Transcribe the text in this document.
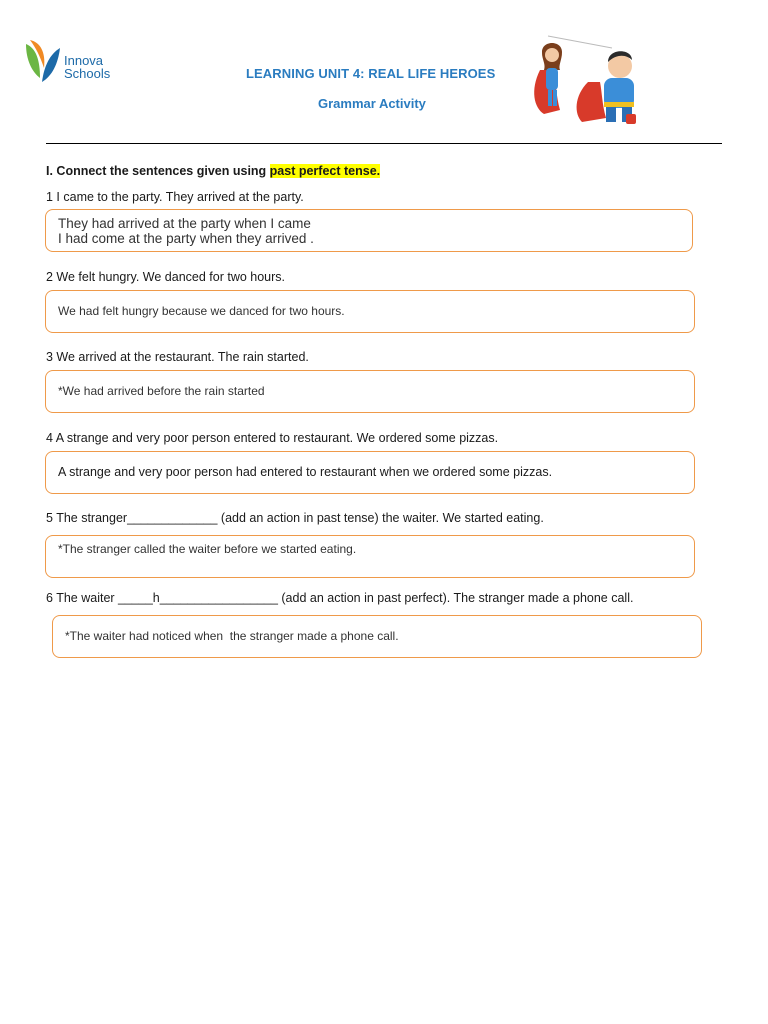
Innova
Schools	LEARNING UNIT 4: REAL LIFE HEROES
Grammar Activity
I. Connect the sentences given using past perfect tense.
1 I came to the party. They arrived at the party.
They had arrived at the party when I came
I had come at the party when they arrived .
2 We felt hungry. We danced for two hours.
We had felt hungry because we danced for two hours.
3 We arrived at the restaurant. The rain started.
*We had arrived before the rain started
4 A strange and very poor person entered to restaurant. We ordered some pizzas.
A strange and very poor person had entered to restaurant when we ordered some pizzas.
5 The stranger_____________ (add an action in past tense) the waiter. We started eating.
*The stranger called the waiter before we started eating.
6 The waiter _____h_________________ (add an action in past perfect). The stranger made a phone call.
*The waiter had noticed when  the stranger made a phone call.
